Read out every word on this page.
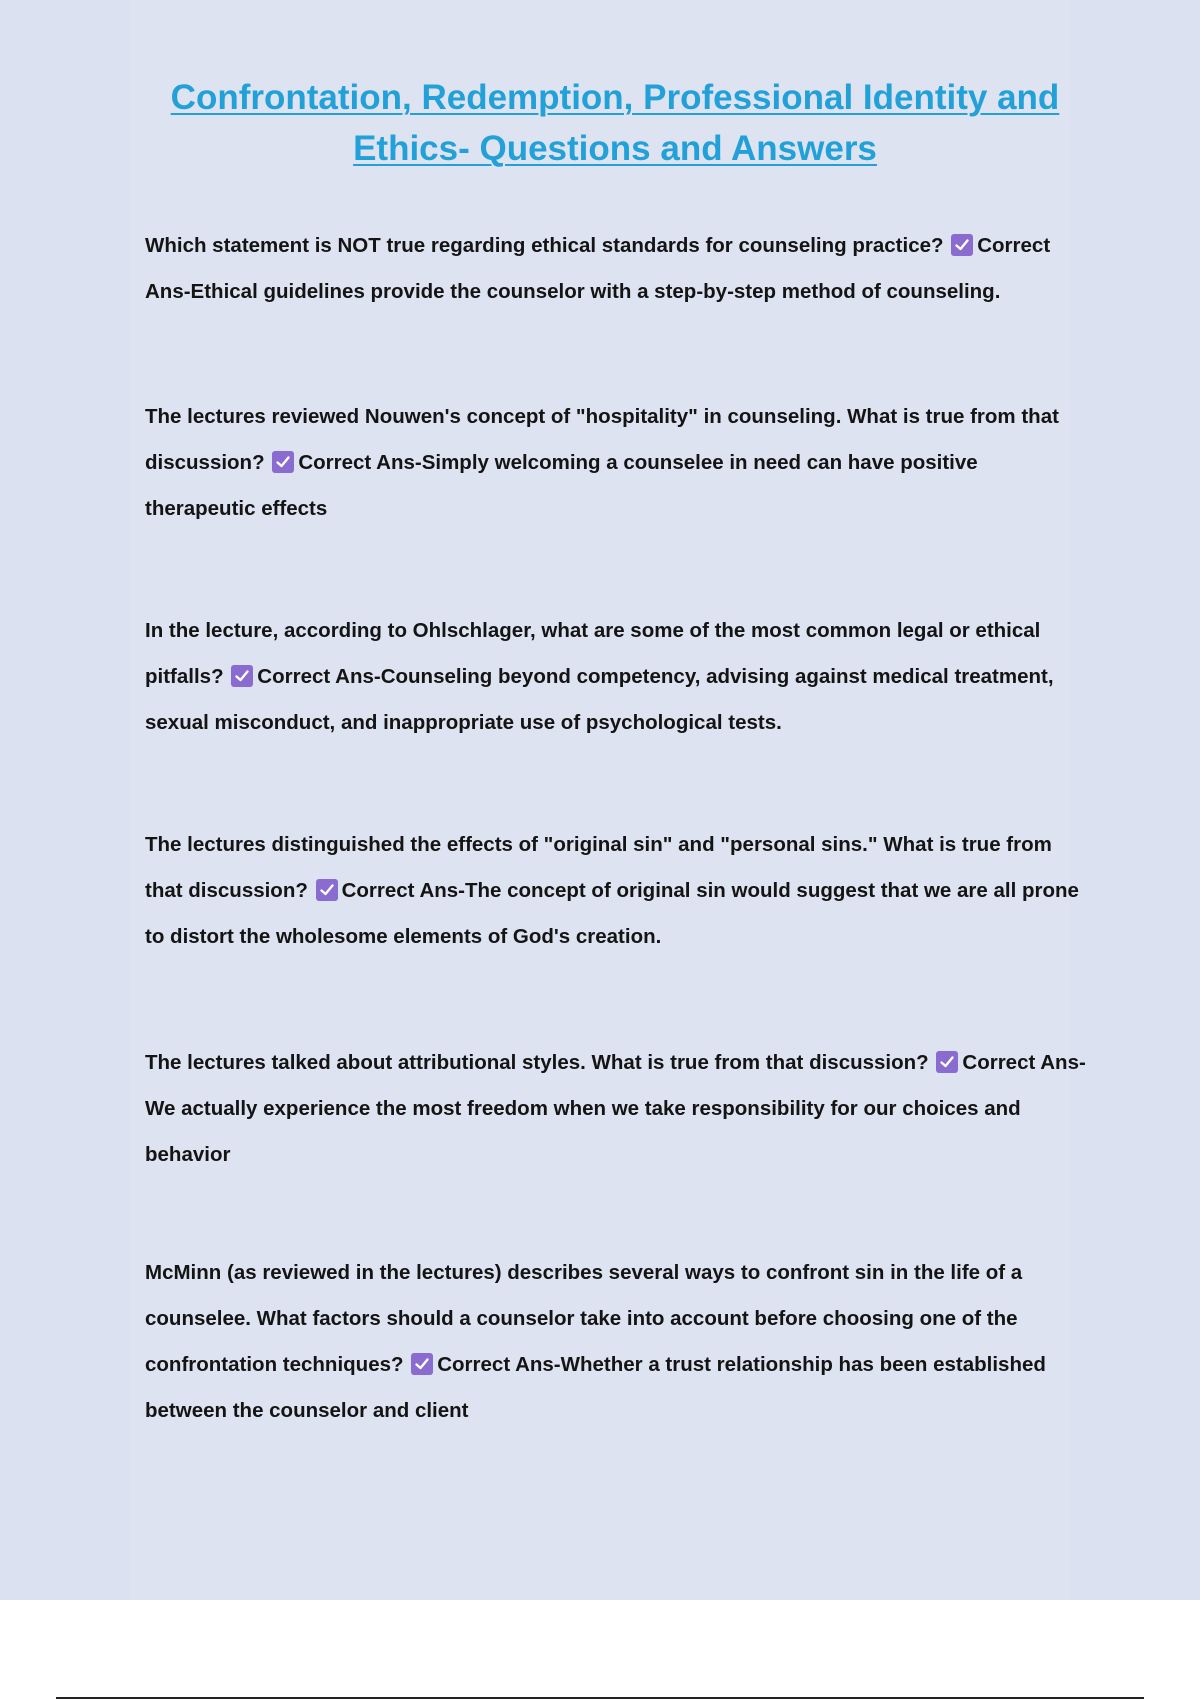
Confrontation, Redemption, Professional Identity and Ethics- Questions and Answers
Which statement is NOT true regarding ethical standards for counseling practice? Correct Ans-Ethical guidelines provide the counselor with a step-by-step method of counseling.
The lectures reviewed Nouwen's concept of "hospitality" in counseling. What is true from that discussion? Correct Ans-Simply welcoming a counselee in need can have positive therapeutic effects
In the lecture, according to Ohlschlager, what are some of the most common legal or ethical pitfalls? Correct Ans-Counseling beyond competency, advising against medical treatment, sexual misconduct, and inappropriate use of psychological tests.
The lectures distinguished the effects of "original sin" and "personal sins." What is true from that discussion? Correct Ans-The concept of original sin would suggest that we are all prone to distort the wholesome elements of God's creation.
The lectures talked about attributional styles. What is true from that discussion? Correct Ans-We actually experience the most freedom when we take responsibility for our choices and behavior
McMinn (as reviewed in the lectures) describes several ways to confront sin in the life of a counselee. What factors should a counselor take into account before choosing one of the confrontation techniques? Correct Ans-Whether a trust relationship has been established between the counselor and client
